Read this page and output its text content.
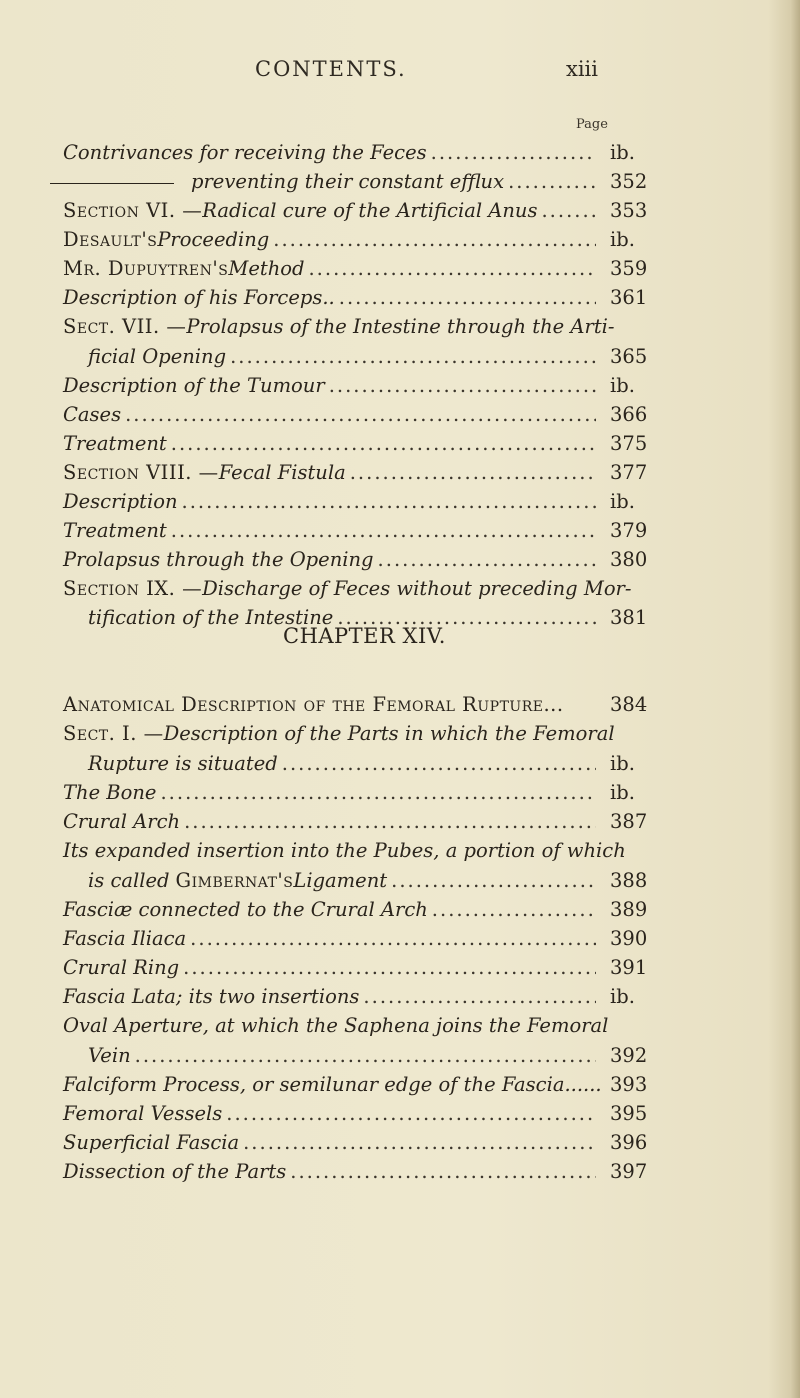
CONTENTS.	xiii
Page
Contrivances for receiving the Feces .....	ib.
preventing their constant efflux .....	352
Section VI. — Radical cure of the Artificial Anus .....	353
Desault's Proceeding .....	ib.
Mr. Dupuytren's Method .....	359
Description of his Forceps.. .....	361
Sect. VII. — Prolapsus of the Intestine through the Arti-
ficial Opening .....	365
Description of the Tumour .....	ib.
Cases .....	366
Treatment .....	375
Section VIII. — Fecal Fistula .....	377
Description .....	ib.
Treatment .....	379
Prolapsus through the Opening .....	380
Section IX. — Discharge of Feces without preceding Mor-
tification of the Intestine .....	381
CHAPTER XIV.
Anatomical Description of the Femoral Rupture... 384
Sect. I. — Description of the Parts in which the Femoral
Rupture is situated .....	ib.
The Bone .....	ib.
Crural Arch .....	387
Its expanded insertion into the Pubes, a portion of which
is called Gimbernat's Ligament .....	388
Fasciæ connected to the Crural Arch .....	389
Fascia Iliaca .....	390
Crural Ring .....	391
Fascia Lata; its two insertions .....	ib.
Oval Aperture, at which the Saphena joins the Femoral
Vein .....	392
Falciform Process, or semilunar edge of the Fascia...... 393
Femoral Vessels .....	395
Superficial Fascia .....	396
Dissection of the Parts .....	397
